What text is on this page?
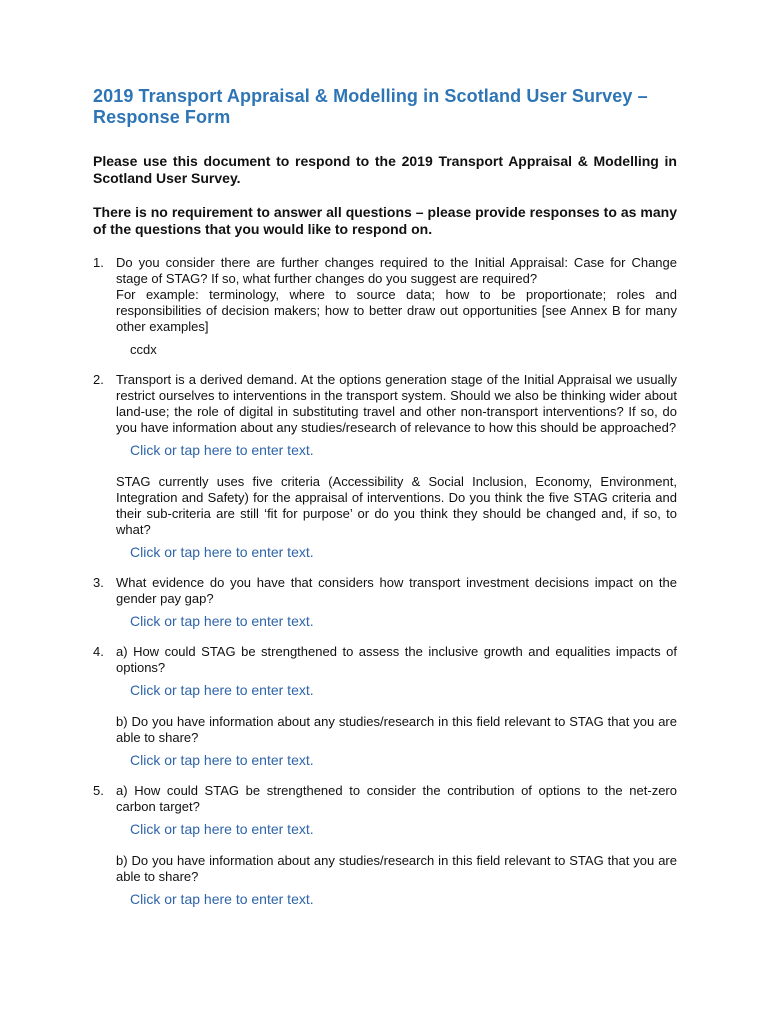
2019 Transport Appraisal & Modelling in Scotland User Survey – Response Form

Please use this document to respond to the 2019 Transport Appraisal & Modelling in Scotland User Survey.

There is no requirement to answer all questions – please provide responses to as many of the questions that you would like to respond on.

1. Do you consider there are further changes required to the Initial Appraisal: Case for Change stage of STAG? If so, what further changes do you suggest are required?

For example: terminology, where to source data; how to be proportionate; roles and responsibilities of decision makers; how to better draw out opportunities [see Annex B for many other examples]

ccdx
2. Transport is a derived demand. At the options generation stage of the Initial Appraisal we usually restrict ourselves to interventions in the transport system. Should we also be thinking wider about land-use; the role of digital in substituting travel and other non-transport interventions? If so, do you have information about any studies/research of relevance to how this should be approached?

Click or tap here to enter text.

STAG currently uses five criteria (Accessibility & Social Inclusion, Economy, Environment, Integration and Safety) for the appraisal of interventions. Do you think the five STAG criteria and their sub-criteria are still ‘fit for purpose’ or do you think they should be changed and, if so, to what?

Click or tap here to enter text.
3. What evidence do you have that considers how transport investment decisions impact on the gender pay gap?

Click or tap here to enter text.
4. a) How could STAG be strengthened to assess the inclusive growth and equalities impacts of options?

Click or tap here to enter text.

b) Do you have information about any studies/research in this field relevant to STAG that you are able to share?

Click or tap here to enter text.
5. a) How could STAG be strengthened to consider the contribution of options to the net-zero carbon target?

Click or tap here to enter text.

b) Do you have information about any studies/research in this field relevant to STAG that you are able to share?

Click or tap here to enter text.
